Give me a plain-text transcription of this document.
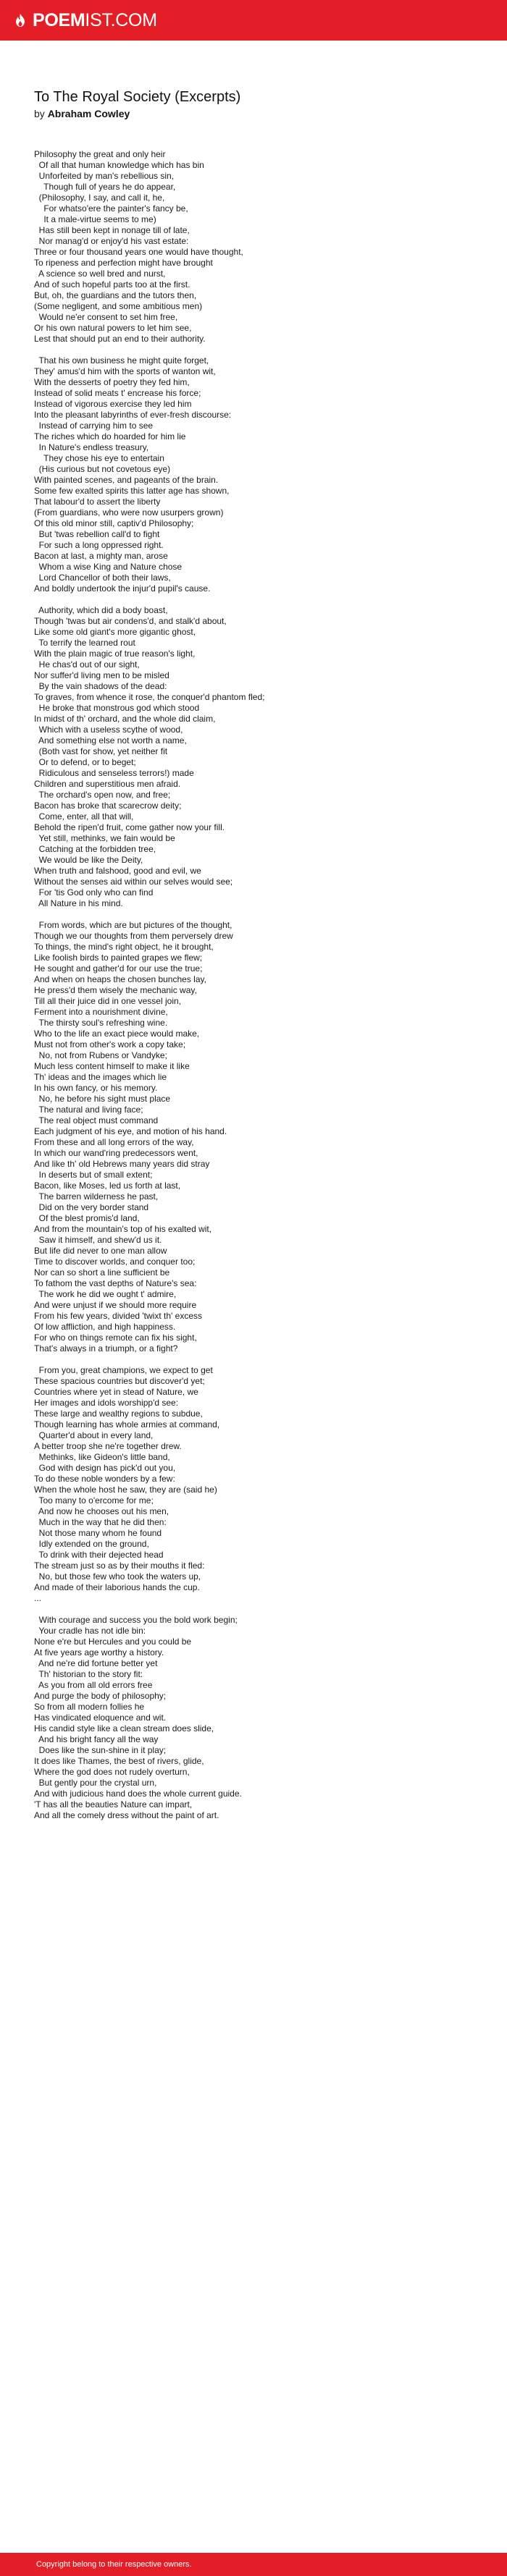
POEMIST.COM
To The Royal Society (Excerpts)

by Abraham Cowley

Philosophy the great and only heir
Of all that human knowledge which has bin
Unforfeited by man's rebellious sin,
Though full of years he do appear,
(Philosophy, I say, and call it, he,
For whatso'ere the painter's fancy be,
It a male-virtue seems to me)
Has still been kept in nonage till of late,
Nor manag'd or enjoy'd his vast estate:
Three or four thousand years one would have thought,
To ripeness and perfection might have brought
A science so well bred and nurst,
And of such hopeful parts too at the first.
But, oh, the guardians and the tutors then,
(Some negligent, and some ambitious men)
Would ne'er consent to set him free,
Or his own natural powers to let him see,
Lest that should put an end to their authority.

That his own business he might quite forget,
They' amus'd him with the sports of wanton wit,
With the desserts of poetry they fed him,
Instead of solid meats t' encrease his force;
Instead of vigorous exercise they led him
Into the pleasant labyrinths of ever-fresh discourse:
Instead of carrying him to see
The riches which do hoarded for him lie
In Nature's endless treasury,
They chose his eye to entertain
(His curious but not covetous eye)
With painted scenes, and pageants of the brain.
Some few exalted spirits this latter age has shown,
That labour'd to assert the liberty
(From guardians, who were now usurpers grown)
Of this old minor still, captiv'd Philosophy;
But 'twas rebellion call'd to fight
For such a long oppressed right.
Bacon at last, a mighty man, arose
Whom a wise King and Nature chose
Lord Chancellor of both their laws,
And boldly undertook the injur'd pupil's cause.

Authority, which did a body boast,
Though 'twas but air condens'd, and stalk'd about,
Like some old giant's more gigantic ghost,
To terrify the learned rout
With the plain magic of true reason's light,
He chas'd out of our sight,
Nor suffer'd living men to be misled
By the vain shadows of the dead:
To graves, from whence it rose, the conquer'd phantom fled;
He broke that monstrous god which stood
In midst of th' orchard, and the whole did claim,
Which with a useless scythe of wood,
And something else not worth a name,
(Both vast for show, yet neither fit
Or to defend, or to beget;
Ridiculous and senseless terrors!) made
Children and superstitious men afraid.
The orchard's open now, and free;
Bacon has broke that scarecrow deity;
Come, enter, all that will,
Behold the ripen'd fruit, come gather now your fill.
Yet still, methinks, we fain would be
Catching at the forbidden tree,
We would be like the Deity,
When truth and falshood, good and evil, we
Without the senses aid within our selves would see;
For 'tis God only who can find
All Nature in his mind.

From words, which are but pictures of the thought,
Though we our thoughts from them perversely drew
To things, the mind's right object, he it brought,
Like foolish birds to painted grapes we flew;
He sought and gather'd for our use the true;
And when on heaps the chosen bunches lay,
He press'd them wisely the mechanic way,
Till all their juice did in one vessel join,
Ferment into a nourishment divine,
The thirsty soul's refreshing wine.
Who to the life an exact piece would make,
Must not from other's work a copy take;
No, not from Rubens or Vandyke;
Much less content himself to make it like
Th' ideas and the images which lie
In his own fancy, or his memory.
No, he before his sight must place
The natural and living face;
The real object must command
Each judgment of his eye, and motion of his hand.
From these and all long errors of the way,
In which our wand'ring predecessors went,
And like th' old Hebrews many years did stray
In deserts but of small extent;
Bacon, like Moses, led us forth at last,
The barren wilderness he past,
Did on the very border stand
Of the blest promis'd land,
And from the mountain's top of his exalted wit,
Saw it himself, and shew'd us it.
But life did never to one man allow
Time to discover worlds, and conquer too;
Nor can so short a line sufficient be
To fathom the vast depths of Nature's sea:
The work he did we ought t' admire,
And were unjust if we should more require
From his few years, divided 'twixt th' excess
Of low affliction, and high happiness.
For who on things remote can fix his sight,
That's always in a triumph, or a fight?

From you, great champions, we expect to get
These spacious countries but discover'd yet;
Countries where yet in stead of Nature, we
Her images and idols worshipp'd see:
These large and wealthy regions to subdue,
Though learning has whole armies at command,
Quarter'd about in every land,
A better troop she ne're together drew.
Methinks, like Gideon's little band,
God with design has pick'd out you,
To do these noble wonders by a few:
When the whole host he saw, they are (said he)
Too many to o'ercome for me;
And now he chooses out his men,
Much in the way that he did then:
Not those many whom he found
Idly extended on the ground,
To drink with their dejected head
The stream just so as by their mouths it fled:
No, but those few who took the waters up,
And made of their laborious hands the cup.
...

With courage and success you the bold work begin;
Your cradle has not idle bin:
None e're but Hercules and you could be
At five years age worthy a history.
And ne're did fortune better yet
Th' historian to the story fit:
As you from all old errors free
And purge the body of philosophy;
So from all modern follies he
Has vindicated eloquence and wit.
His candid style like a clean stream does slide,
And his bright fancy all the way
Does like the sun-shine in it play;
It does like Thames, the best of rivers, glide,
Where the god does not rudely overturn,
But gently pour the crystal urn,
And with judicious hand does the whole current guide.
'T has all the beauties Nature can impart,
And all the comely dress without the paint of art.
Copyright belong to their respective owners.
